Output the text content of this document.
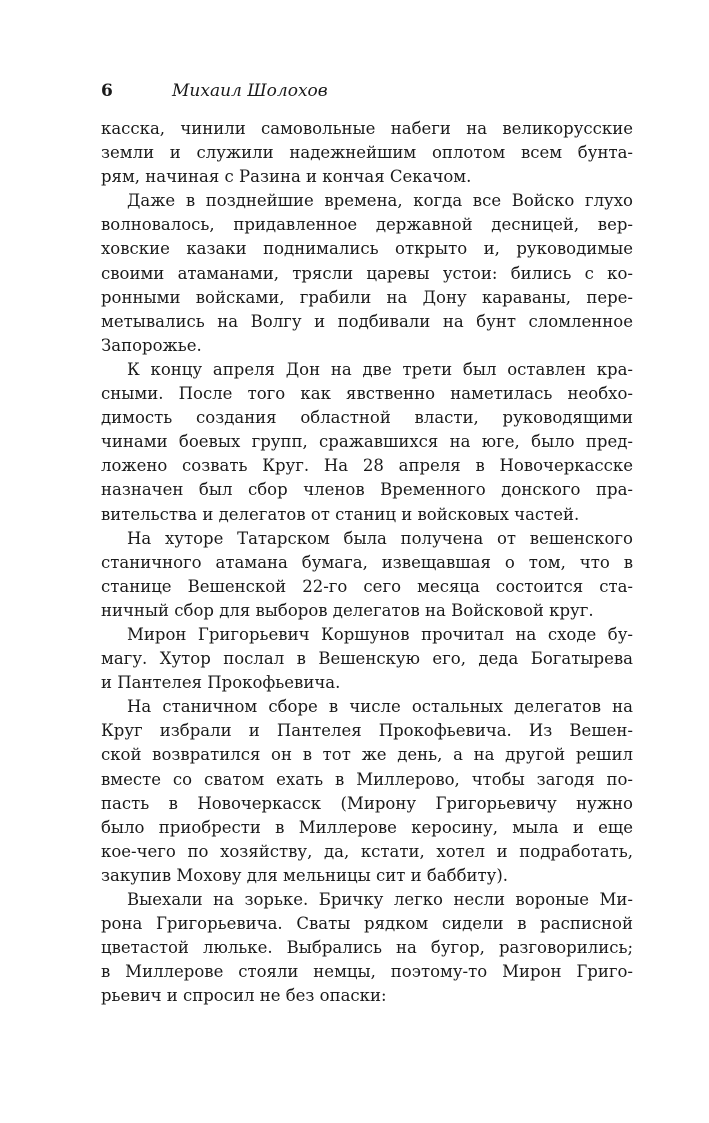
6	Михаил Шолохов
касска, чинили самовольные набеги на великорусские
земли и служили надежнейшим оплотом всем бунта-
рям, начиная с Разина и кончая Секачом.
Даже в позднейшие времена, когда все Войско глухо
волновалось, придавленное державной десницей, вер-
ховские казаки поднимались открыто и, руководимые
своими атаманами, трясли царевы устои: бились с ко-
ронными войсками, грабили на Дону караваны, пере-
метывались на Волгу и подбивали на бунт сломленное
Запорожье.
К концу апреля Дон на две трети был оставлен кра-
сными. После того как явственно наметилась необхо-
димость создания областной власти, руководящими
чинами боевых групп, сражавшихся на юге, было пред-
ложено созвать Круг. На 28 апреля в Новочеркасске
назначен был сбор членов Временного донского пра-
вительства и делегатов от станиц и войсковых частей.
На хуторе Татарском была получена от вешенского
станичного атамана бумага, извещавшая о том, что в
станице Вешенской 22-го сего месяца состоится ста-
ничный сбор для выборов делегатов на Войсковой круг.
Мирон Григорьевич Коршунов прочитал на сходе бу-
магу. Хутор послал в Вешенскую его, деда Богатырева
и Пантелея Прокофьевича.
На станичном сборе в числе остальных делегатов на
Круг избрали и Пантелея Прокофьевича. Из Вешен-
ской возвратился он в тот же день, а на другой решил
вместе со сватом ехать в Миллерово, чтобы загодя по-
пасть в Новочеркасск (Мирону Григорьевичу нужно
было приобрести в Миллерове керосину, мыла и еще
кое-чего по хозяйству, да, кстати, хотел и подработать,
закупив Мохову для мельницы сит и баббиту).
Выехали на зорьке. Бричку легко несли вороные Ми-
рона Григорьевича. Сваты рядком сидели в расписной
цветастой люльке. Выбрались на бугор, разговорились;
в Миллерове стояли немцы, поэтому-то Мирон Григо-
рьевич и спросил не без опаски:
